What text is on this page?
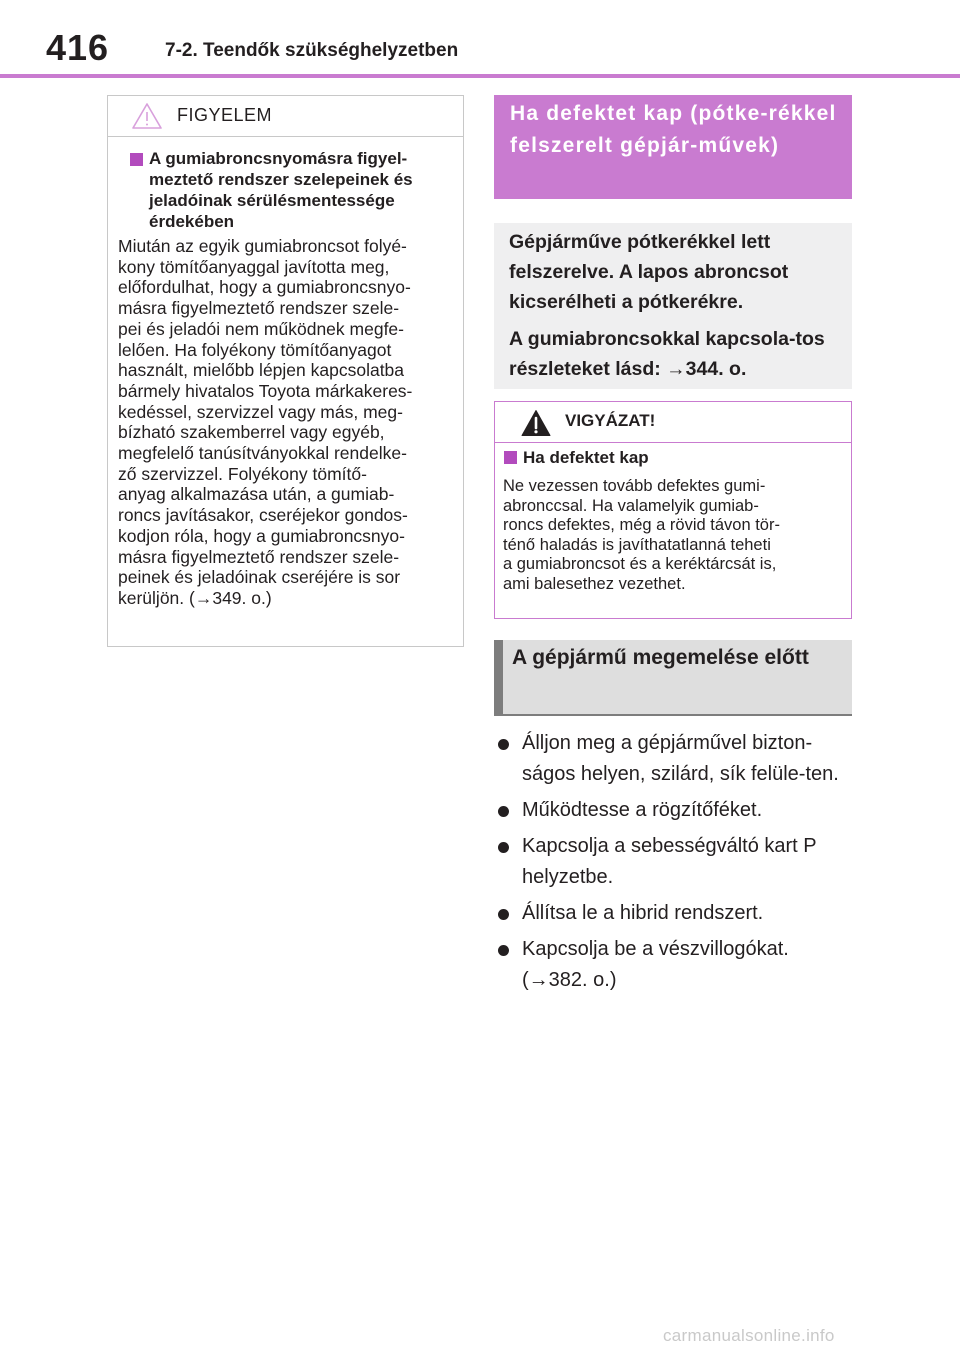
416	7-2. Teendők szükséghelyzetben
FIGYELEM
A gumiabroncsnyomásra figyel-meztető rendszer szelepeinek és jeladóinak sérülésmentessége érdekében
Miután az egyik gumiabroncsot folyé-
kony tömítőanyaggal javította meg,
előfordulhat, hogy a gumiabroncsnyo-
másra figyelmeztető rendszer szele-
pei és jeladói nem működnek megfe-
lelően. Ha folyékony tömítőanyagot
használt, mielőbb lépjen kapcsolatba
bármely hivatalos Toyota márkakeres-
kedéssel, szervizzel vagy más, meg-
bízható szakemberrel vagy egyéb,
megfelelő tanúsítványokkal rendelke-
ző szervizzel. Folyékony tömítő-
anyag alkalmazása után, a gumiab-
roncs javításakor, cseréjekor gondos-
kodjon róla, hogy a gumiabroncsnyo-
másra figyelmeztető rendszer szele-
peinek és jeladóinak cseréjére is sor
kerüljön. (→349. o.)
Ha defektet kap (pótke-rékkel felszerelt gépjár-művek)

Gépjárműve pótkerékkel lett felszerelve. A lapos abroncsot kicserélheti a pótkerékre.

A gumiabroncsokkal kapcsola-tos részleteket lásd: →344. o.

VIGYÁZAT!
Ha defektet kap
Ne vezessen tovább defektes gumi-
abronccsal. Ha valamelyik gumiab-
roncs defektes, még a rövid távon tör-
ténő haladás is javíthatatlanná teheti
a gumiabroncsot és a keréktárcsát is,
ami balesethez vezethet.
A gépjármű megemelése előtt
Álljon meg a gépjárművel bizton-ságos helyen, szilárd, sík felüle-ten.
Működtesse a rögzítőféket.
Kapcsolja a sebességváltó kart P helyzetbe.
Állítsa le a hibrid rendszert.
Kapcsolja be a vészvillogókat. (→382. o.)
carmanualsonline.info
